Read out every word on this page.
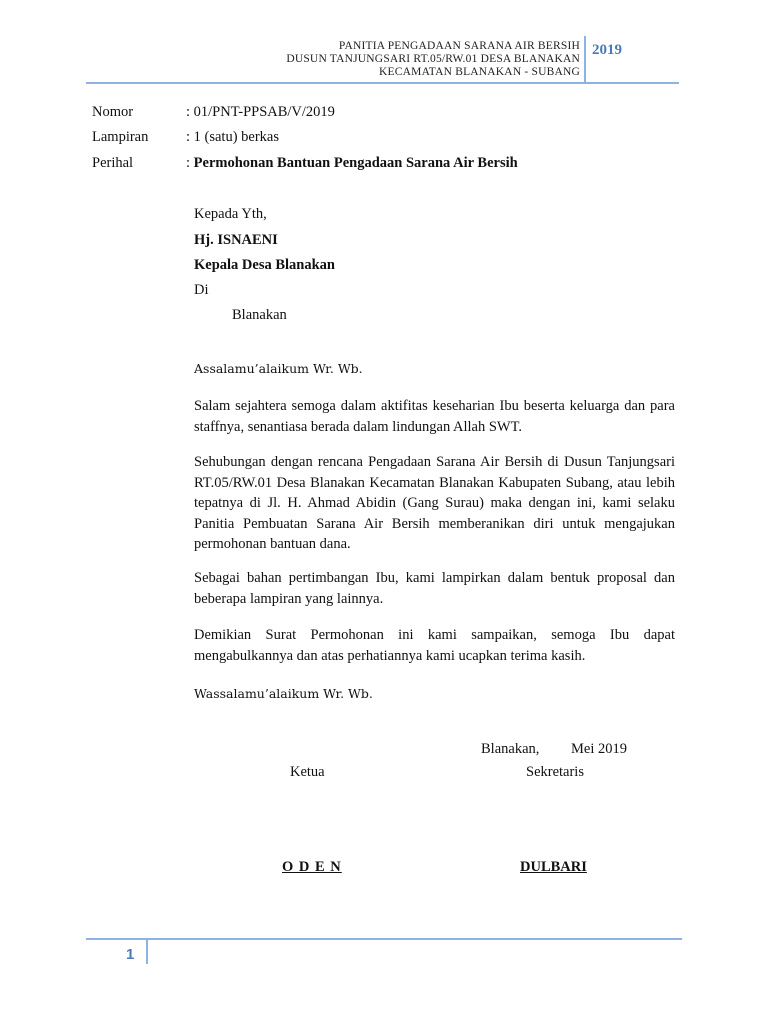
PANITIA PENGADAAN SARANA AIR BERSIH
DUSUN TANJUNGSARI RT.05/RW.01 DESA BLANAKAN
KECAMATAN BLANAKAN - SUBANG
2019
Nomor	: 01/PNT-PPSAB/V/2019
Lampiran	: 1 (satu) berkas
Perihal	: Permohonan Bantuan Pengadaan Sarana Air Bersih
Kepada Yth,
Hj. ISNAENI
Kepala Desa Blanakan
Di
Blanakan
Assalamu’alaikum Wr. Wb.
Salam sejahtera semoga dalam aktifitas keseharian Ibu beserta keluarga dan para staffnya, senantiasa berada dalam lindungan Allah SWT.
Sehubungan dengan rencana Pengadaan Sarana Air Bersih di Dusun Tanjungsari RT.05/RW.01 Desa Blanakan Kecamatan Blanakan Kabupaten Subang, atau lebih tepatnya di Jl. H. Ahmad Abidin (Gang Surau) maka dengan ini, kami selaku Panitia Pembuatan Sarana Air Bersih memberanikan diri untuk mengajukan permohonan bantuan dana.
Sebagai bahan pertimbangan Ibu, kami lampirkan dalam bentuk proposal dan beberapa lampiran yang lainnya.
Demikian Surat Permohonan ini kami sampaikan, semoga Ibu dapat mengabulkannya dan atas perhatiannya kami ucapkan terima kasih.
Wassalamu’alaikum Wr. Wb.
Blanakan, Mei 2019
Ketua	Sekretaris
O D E N	DULBARI
1
